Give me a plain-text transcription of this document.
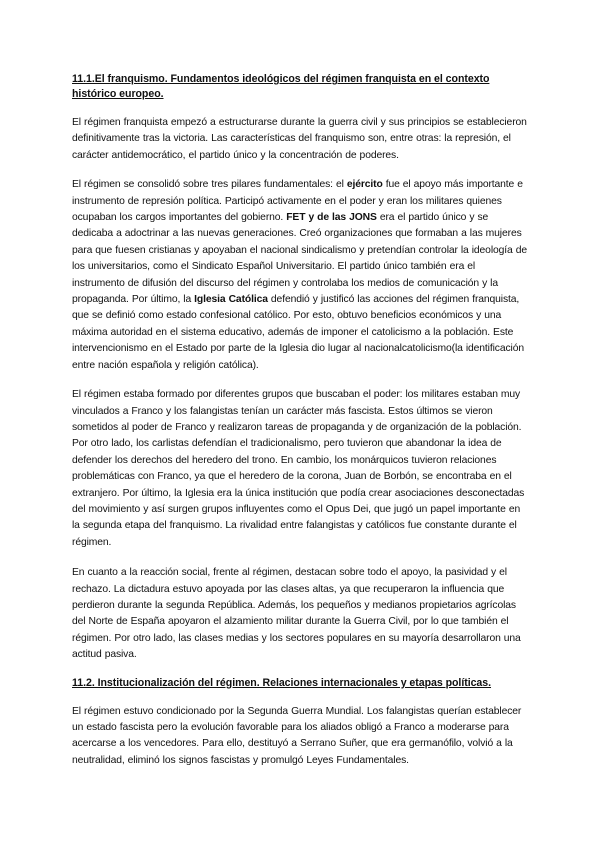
11.1.El franquismo. Fundamentos ideológicos del régimen franquista en el contexto histórico europeo.

El régimen franquista empezó a estructurarse durante la guerra civil y sus principios se establecieron definitivamente tras la victoria. Las características del franquismo son, entre otras: la represión, el carácter antidemocrático, el partido único y la concentración de poderes.

El régimen se consolidó sobre tres pilares fundamentales: el ejército fue el apoyo más importante e instrumento de represión política. Participó activamente en el poder y eran los militares quienes ocupaban los cargos importantes del gobierno. FET y de las JONS era el partido único y se dedicaba a adoctrinar a las nuevas generaciones. Creó organizaciones que formaban a las mujeres para que fuesen cristianas y apoyaban el nacional sindicalismo y pretendían controlar la ideología de los universitarios, como el Sindicato Español Universitario. El partido único también era el instrumento de difusión del discurso del régimen y controlaba los medios de comunicación y la propaganda. Por último, la Iglesia Católica defendió y justificó las acciones del régimen franquista, que se definió como estado confesional católico. Por esto, obtuvo beneficios económicos y una máxima autoridad en el sistema educativo, además de imponer el catolicismo a la población. Este intervencionismo en el Estado por parte de la Iglesia dio lugar al nacionalcatolicismo(la identificación entre nación española y religión católica).

El régimen estaba formado por diferentes grupos que buscaban el poder: los militares estaban muy vinculados a Franco y los falangistas tenían un carácter más fascista. Estos últimos se vieron sometidos al poder de Franco y realizaron tareas de propaganda y de organización de la población. Por otro lado, los carlistas defendían el tradicionalismo, pero tuvieron que abandonar la idea de defender los derechos del heredero del trono. En cambio, los monárquicos tuvieron relaciones problemáticas con Franco, ya que el heredero de la corona, Juan de Borbón, se encontraba en el extranjero. Por último, la Iglesia era la única institución que podía crear asociaciones desconectadas del movimiento y así surgen grupos influyentes como el Opus Dei, que jugó un papel importante en la segunda etapa del franquismo. La rivalidad entre falangistas y católicos fue constante durante el régimen.

En cuanto a la reacción social, frente al régimen, destacan sobre todo el apoyo, la pasividad y el rechazo. La dictadura estuvo apoyada por las clases altas, ya que recuperaron la influencia que perdieron durante la segunda República. Además, los pequeños y medianos propietarios agrícolas del Norte de España apoyaron el alzamiento militar durante la Guerra Civil, por lo que también el régimen. Por otro lado, las clases medias y los sectores populares en su mayoría desarrollaron una actitud pasiva.

11.2. Institucionalización del régimen. Relaciones internacionales y etapas políticas.

El régimen estuvo condicionado por la Segunda Guerra Mundial. Los falangistas querían establecer un estado fascista pero la evolución favorable para los aliados obligó a Franco a moderarse para acercarse a los vencedores. Para ello, destituyó a Serrano Suñer, que era germanófilo, volvió a la neutralidad, eliminó los signos fascistas y promulgó Leyes Fundamentales.
